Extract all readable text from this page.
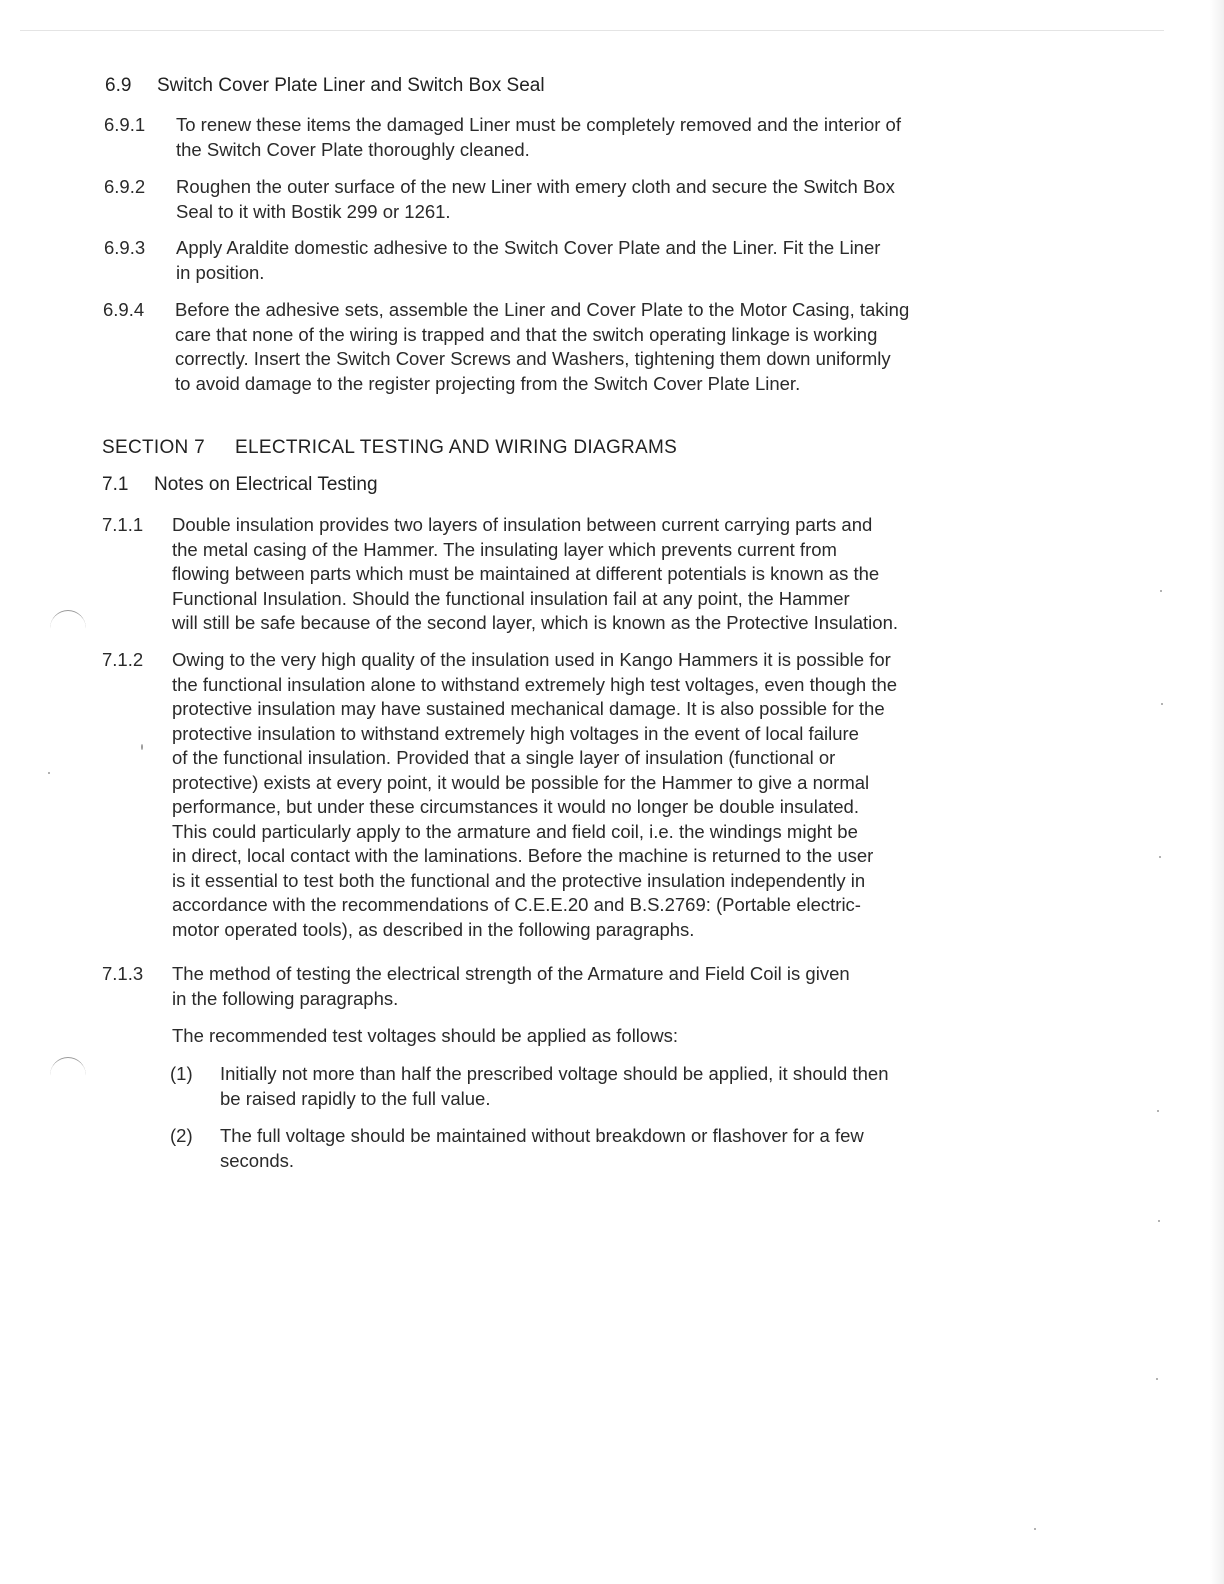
6.9 Switch Cover Plate Liner and Switch Box Seal
6.9.1 To renew these items the damaged Liner must be completely removed and the interior of
the Switch Cover Plate thoroughly cleaned.
6.9.2 Roughen the outer surface of the new Liner with emery cloth and secure the Switch Box
Seal to it with Bostik 299 or 1261.
6.9.3 Apply Araldite domestic adhesive to the Switch Cover Plate and the Liner. Fit the Liner
in position.
6.9.4 Before the adhesive sets, assemble the Liner and Cover Plate to the Motor Casing, taking
care that none of the wiring is trapped and that the switch operating linkage is working
correctly. Insert the Switch Cover Screws and Washers, tightening them down uniformly
to avoid damage to the register projecting from the Switch Cover Plate Liner.
SECTION 7 ELECTRICAL TESTING AND WIRING DIAGRAMS
7.1 Notes on Electrical Testing
7.1.1 Double insulation provides two layers of insulation between current carrying parts and
the metal casing of the Hammer. The insulating layer which prevents current from
flowing between parts which must be maintained at different potentials is known as the
Functional Insulation. Should the functional insulation fail at any point, the Hammer
will still be safe because of the second layer, which is known as the Protective Insulation.
7.1.2 Owing to the very high quality of the insulation used in Kango Hammers it is possible for
the functional insulation alone to withstand extremely high test voltages, even though the
protective insulation may have sustained mechanical damage. It is also possible for the
protective insulation to withstand extremely high voltages in the event of local failure
of the functional insulation. Provided that a single layer of insulation (functional or
protective) exists at every point, it would be possible for the Hammer to give a normal
performance, but under these circumstances it would no longer be double insulated.
This could particularly apply to the armature and field coil, i.e. the windings might be
in direct, local contact with the laminations. Before the machine is returned to the user
is it essential to test both the functional and the protective insulation independently in
accordance with the recommendations of C.E.E.20 and B.S.2769: (Portable electric-
motor operated tools), as described in the following paragraphs.
7.1.3 The method of testing the electrical strength of the Armature and Field Coil is given
in the following paragraphs.
The recommended test voltages should be applied as follows:
(1) Initially not more than half the prescribed voltage should be applied, it should then
be raised rapidly to the full value.
(2) The full voltage should be maintained without breakdown or flashover for a few
seconds.
